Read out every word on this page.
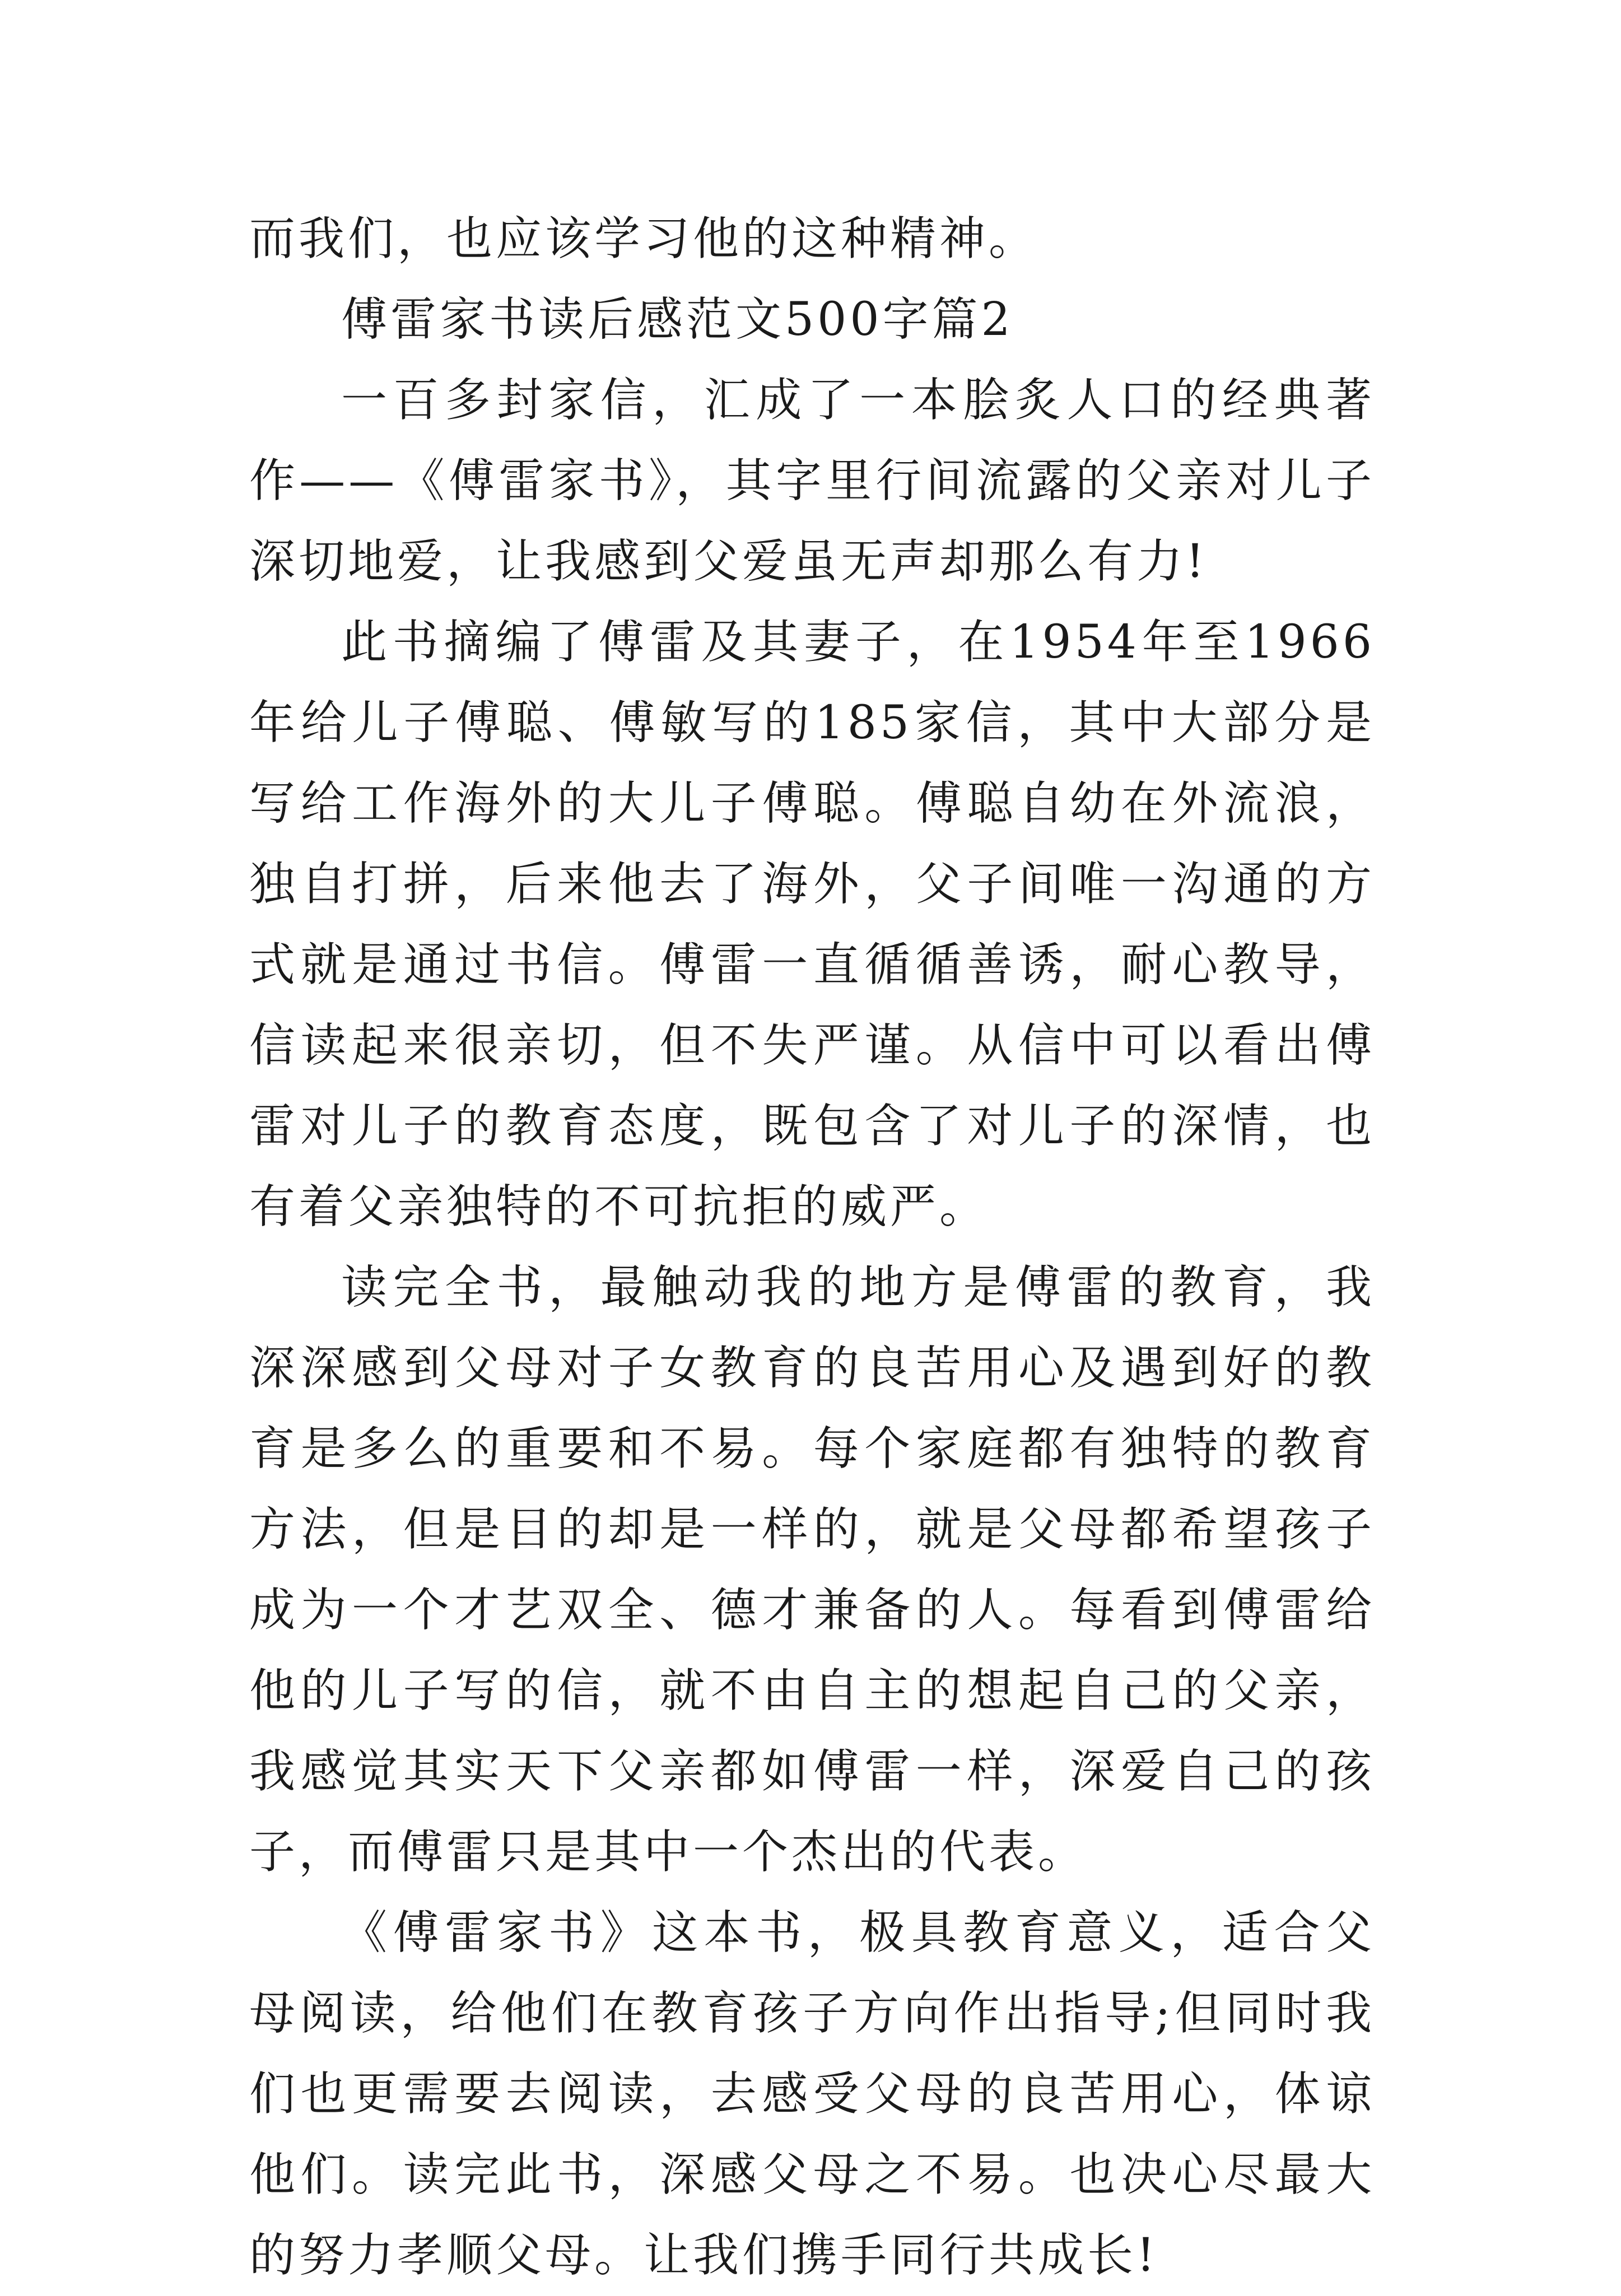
而我们，也应该学习他的这种精神。

傅雷家书读后感范文500字篇2

一百多封家信，汇成了一本脍炙人口的经典著作——《傅雷家书》，其字里行间流露的父亲对儿子深切地爱，让我感到父爱虽无声却那么有力!

此书摘编了傅雷及其妻子，在1954年至1966年给儿子傅聪、傅敏写的185家信，其中大部分是写给工作海外的大儿子傅聪。傅聪自幼在外流浪，独自打拼，后来他去了海外，父子间唯一沟通的方式就是通过书信。傅雷一直循循善诱，耐心教导，信读起来很亲切，但不失严谨。从信中可以看出傅雷对儿子的教育态度，既包含了对儿子的深情，也有着父亲独特的不可抗拒的威严。

读完全书，最触动我的地方是傅雷的教育，我深深感到父母对子女教育的良苦用心及遇到好的教育是多么的重要和不易。每个家庭都有独特的教育方法，但是目的却是一样的，就是父母都希望孩子成为一个才艺双全、德才兼备的人。每看到傅雷给他的儿子写的信，就不由自主的想起自己的父亲，我感觉其实天下父亲都如傅雷一样，深爱自己的孩子，而傅雷只是其中一个杰出的代表。

《傅雷家书》这本书，极具教育意义，适合父母阅读，给他们在教育孩子方向作出指导;但同时我们也更需要去阅读，去感受父母的良苦用心，体谅他们。读完此书，深感父母之不易。也决心尽最大的努力孝顺父母。让我们携手同行共成长!
